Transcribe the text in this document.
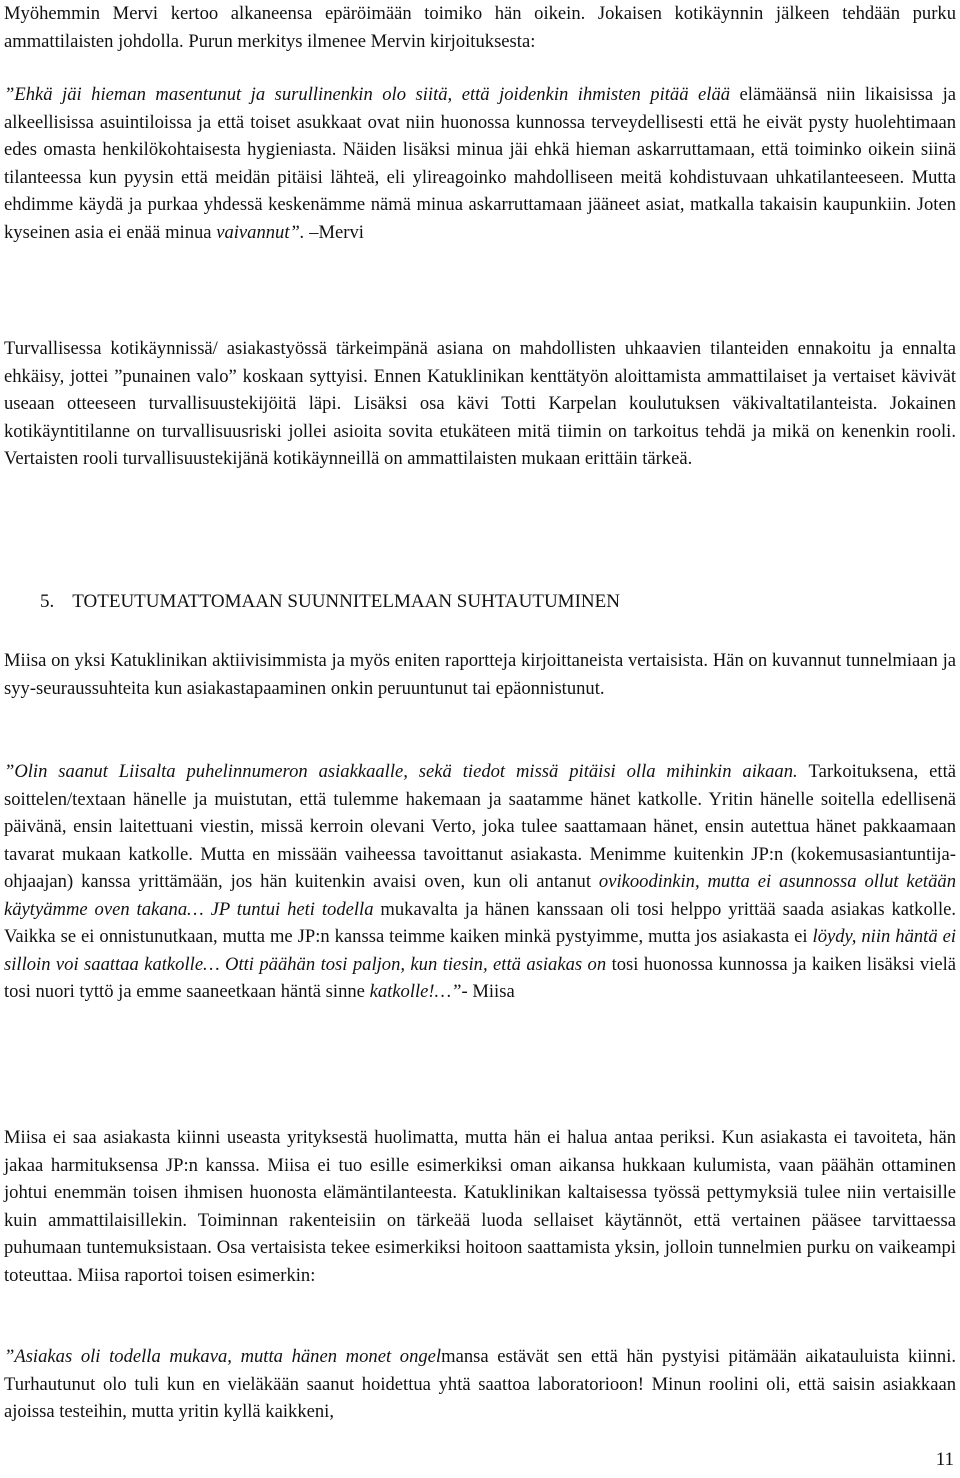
Myöhemmin Mervi kertoo alkaneensa epäröimään toimiko hän oikein. Jokaisen kotikäynnin jälkeen tehdään purku ammattilaisten johdolla. Purun merkitys ilmenee Mervin kirjoituksesta:

”Ehkä jäi hieman masentunut ja surullinenkin olo siitä, että joidenkin ihmisten pitää elää elämäänsä niin likaisissa ja alkeellisissa asuintiloissa ja että toiset asukkaat ovat niin huonossa kunnossa terveydellisesti että he eivät pysty huolehtimaan edes omasta henkilökohtaisesta hygieniasta. Näiden lisäksi minua jäi ehkä hieman askarruttamaan, että toiminko oikein siinä tilanteessa kun pyysin että meidän pitäisi lähteä, eli ylireagoinko mahdolliseen meitä kohdistuvaan uhkatilanteeseen. Mutta ehdimme käydä ja purkaa yhdessä keskenämme nämä minua askarruttamaan jääneet asiat, matkalla takaisin kaupunkiin. Joten kyseinen asia ei enää minua vaivannut”. –Mervi

Turvallisessa kotikäynnissä/ asiakastyössä tärkeimpänä asiana on mahdollisten uhkaavien tilanteiden ennakoitu ja ennalta ehkäisy, jottei ”punainen valo” koskaan syttyisi. Ennen Katuklinikan kenttätyön aloittamista ammattilaiset ja vertaiset kävivät useaan otteeseen turvallisuustekijöitä läpi. Lisäksi osa kävi Totti Karpelan koulutuksen väkivaltatilanteista. Jokainen kotikäyntitilanne on turvallisuusriski jollei asioita sovita etukäteen mitä tiimin on tarkoitus tehdä ja mikä on kenenkin rooli. Vertaisten rooli turvallisuustekijänä kotikäynneillä on ammattilaisten mukaan erittäin tärkeä.

5. TOTEUTUMATTOMAAN SUUNNITELMAAN SUHTAUTUMINEN

Miisa on yksi Katuklinikan aktiivisimmista ja myös eniten raportteja kirjoittaneista vertaisista. Hän on kuvannut tunnelmiaan ja syy-seuraussuhteita kun asiakastapaaminen onkin peruuntunut tai epäonnistunut.

”Olin saanut Liisalta puhelinnumeron asiakkaalle, sekä tiedot missä pitäisi olla mihinkin aikaan. Tarkoituksena, että soittelen/textaan hänelle ja muistutan, että tulemme hakemaan ja saatamme hänet katkolle. Yritin hänelle soitella edellisenä päivänä, ensin laitettuani viestin, missä kerroin olevani Verto, joka tulee saattamaan hänet, ensin autettua hänet pakkaamaan tavarat mukaan katkolle. Mutta en missään vaiheessa tavoittanut asiakasta. Menimme kuitenkin JP:n (kokemusasiantuntija-ohjaajan) kanssa yrittämään, jos hän kuitenkin avaisi oven, kun oli antanut ovikoodinkin, mutta ei asunnossa ollut ketään käytyämme oven takana… JP tuntui heti todella mukavalta ja hänen kanssaan oli tosi helppo yrittää saada asiakas katkolle. Vaikka se ei onnistunutkaan, mutta me JP:n kanssa teimme kaiken minkä pystyimme, mutta jos asiakasta ei löydy, niin häntä ei silloin voi saattaa katkolle… Otti päähän tosi paljon, kun tiesin, että asiakas on tosi huonossa kunnossa ja kaiken lisäksi vielä tosi nuori tyttö ja emme saaneetkaan häntä sinne katkolle!…”- Miisa

Miisa ei saa asiakasta kiinni useasta yrityksestä huolimatta, mutta hän ei halua antaa periksi. Kun asiakasta ei tavoiteta, hän jakaa harmituksensa JP:n kanssa. Miisa ei tuo esille esimerkiksi oman aikansa hukkaan kulumista, vaan päähän ottaminen johtui enemmän toisen ihmisen huonosta elämäntilanteesta. Katuklinikan kaltaisessa työssä pettymyksiä tulee niin vertaisille kuin ammattilaisillekin. Toiminnan rakenteisiin on tärkeää luoda sellaiset käytännöt, että vertainen pääsee tarvittaessa puhumaan tuntemuksistaan. Osa vertaisista tekee esimerkiksi hoitoon saattamista yksin, jolloin tunnelmien purku on vaikeampi toteuttaa. Miisa raportoi toisen esimerkin:

”Asiakas oli todella mukava, mutta hänen monet ongelmansa estävät sen että hän pystyisi pitämään aikatauluista kiinni. Turhautunut olo tuli kun en vieläkään saanut hoidettua yhtä saattoa laboratorioon! Minun roolini oli, että saisin asiakkaan ajoissa testeihin, mutta yritin kyllä kaikkeni,

11
